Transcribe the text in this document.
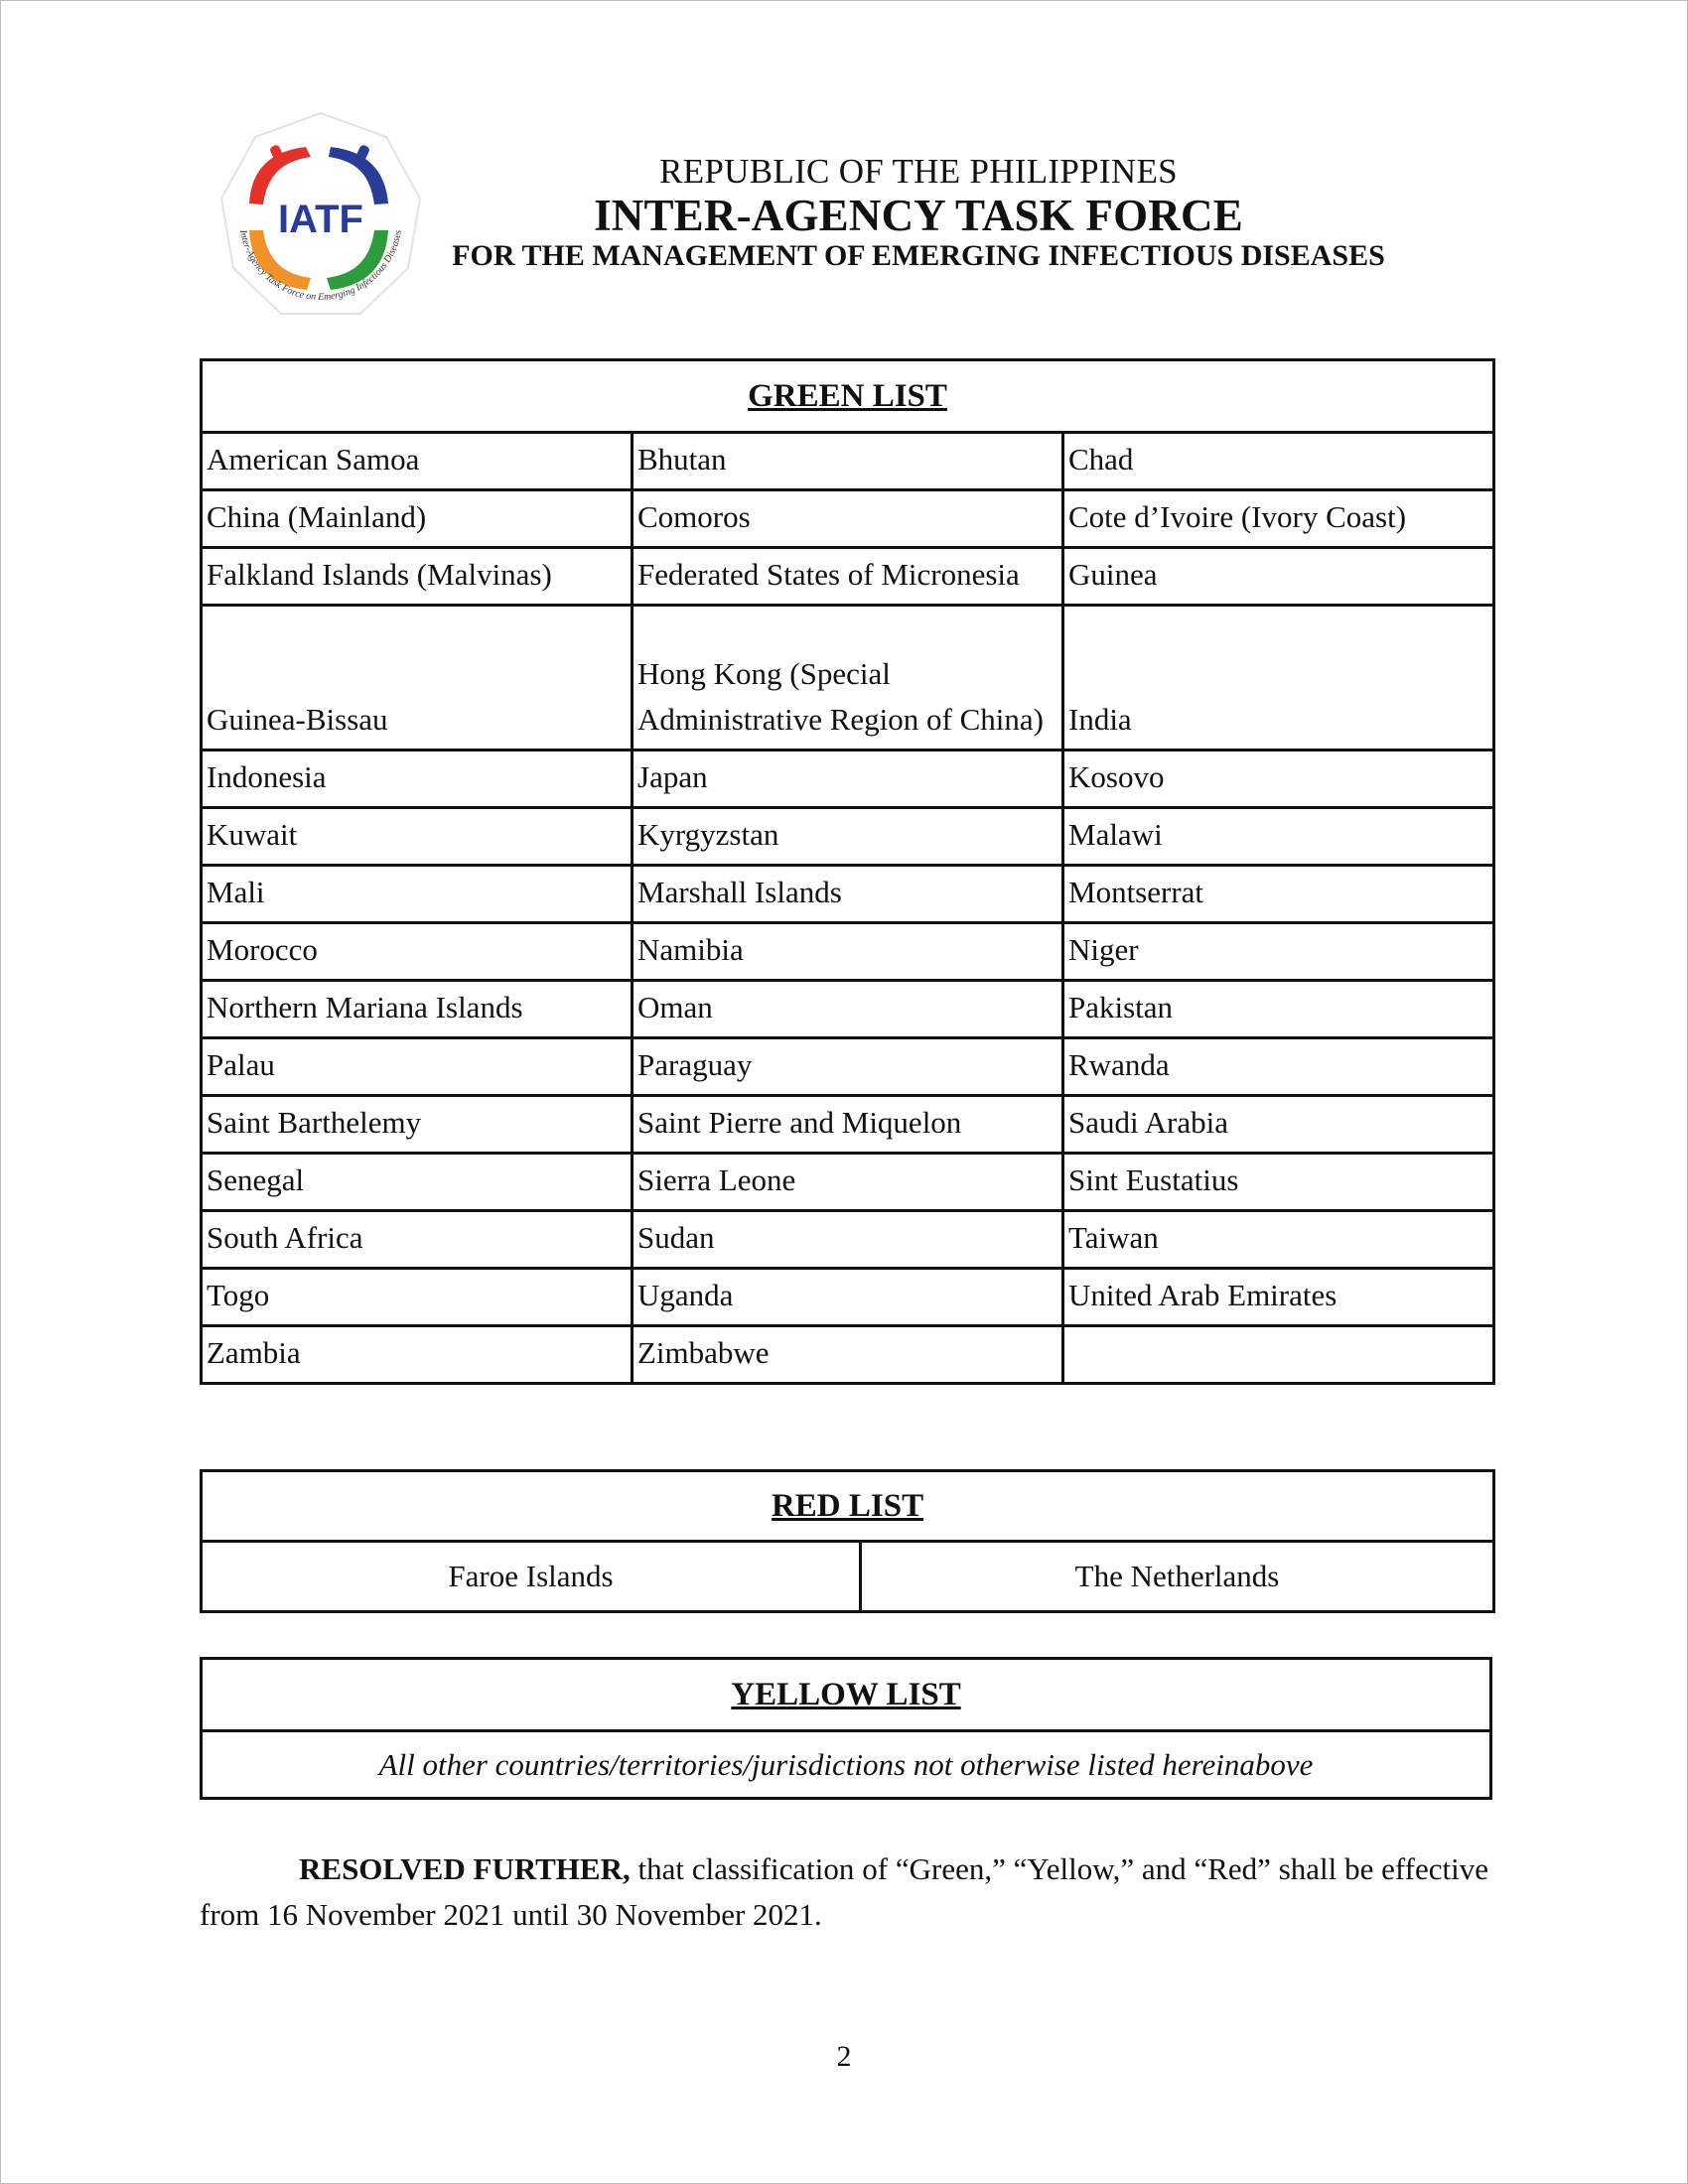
IATF
Inter-Agency Task Force on Emerging Infectious Diseases
REPUBLIC OF THE PHILIPPINES
INTER-AGENCY TASK FORCE
FOR THE MANAGEMENT OF EMERGING INFECTIOUS DISEASES
GREEN LIST		
American Samoa	Bhutan	Chad
China (Mainland)	Comoros	Cote d’Ivoire (Ivory Coast)
Falkland Islands (Malvinas)	Federated States of Micronesia	Guinea
Guinea-Bissau	Hong Kong (Special Administrative Region of China)	India
Indonesia	Japan	Kosovo
Kuwait	Kyrgyzstan	Malawi
Mali	Marshall Islands	Montserrat
Morocco	Namibia	Niger
Northern Mariana Islands	Oman	Pakistan
Palau	Paraguay	Rwanda
Saint Barthelemy	Saint Pierre and Miquelon	Saudi Arabia
Senegal	Sierra Leone	Sint Eustatius
South Africa	Sudan	Taiwan
Togo	Uganda	United Arab Emirates
Zambia	Zimbabwe	
RED LIST
Faroe Islands	The Netherlands
YELLOW LIST
All other countries/territories/jurisdictions not otherwise listed hereinabove
RESOLVED FURTHER, that classification of “Green,” “Yellow,” and “Red” shall be effective from 16 November 2021 until 30 November 2021.
2
